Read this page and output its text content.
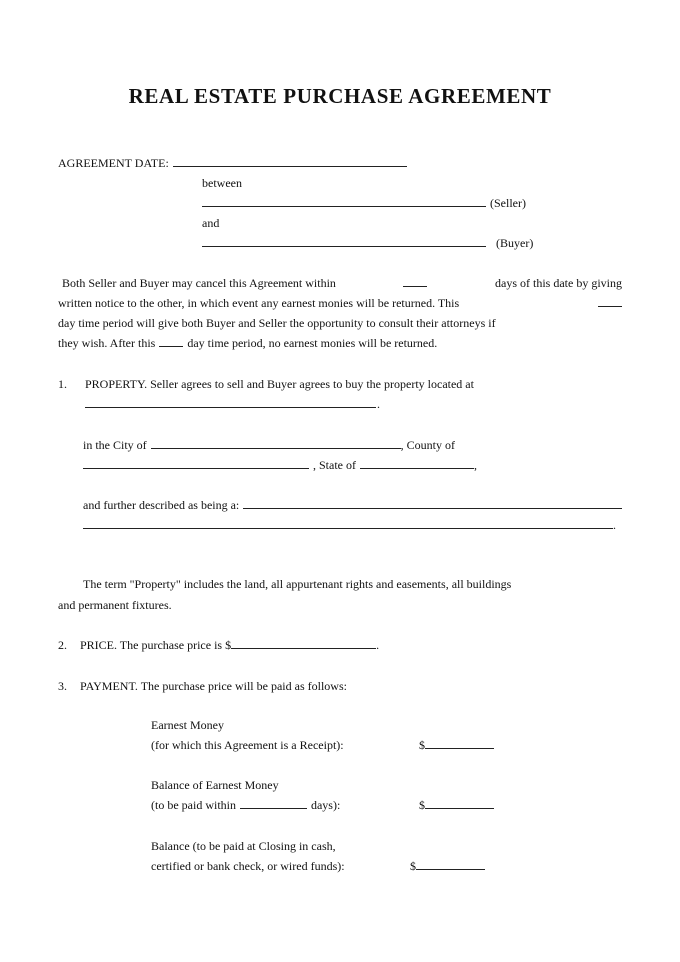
REAL ESTATE PURCHASE AGREEMENT
AGREEMENT DATE:
between
(Seller)
and
(Buyer)
Both Seller and Buyer may cancel this Agreement within	days of this date by giving
written notice to the other, in which event any earnest monies will be returned. This
day time period will give both Buyer and Seller the opportunity to consult their attorneys if
they wish. After this	day time period, no earnest monies will be returned.
1. PROPERTY. Seller agrees to sell and Buyer agrees to buy the property located at
.
in the City of	, County of
, State of	,
and further described as being a:
.
The term "Property" includes the land, all appurtenant rights and easements, all buildings
and permanent fixtures.
2. PRICE. The purchase price is $	.
3. PAYMENT. The purchase price will be paid as follows:
Earnest Money
(for which this Agreement is a Receipt):	$
Balance of Earnest Money
(to be paid within	days):	$
Balance (to be paid at Closing in cash,
certified or bank check, or wired funds):	$
